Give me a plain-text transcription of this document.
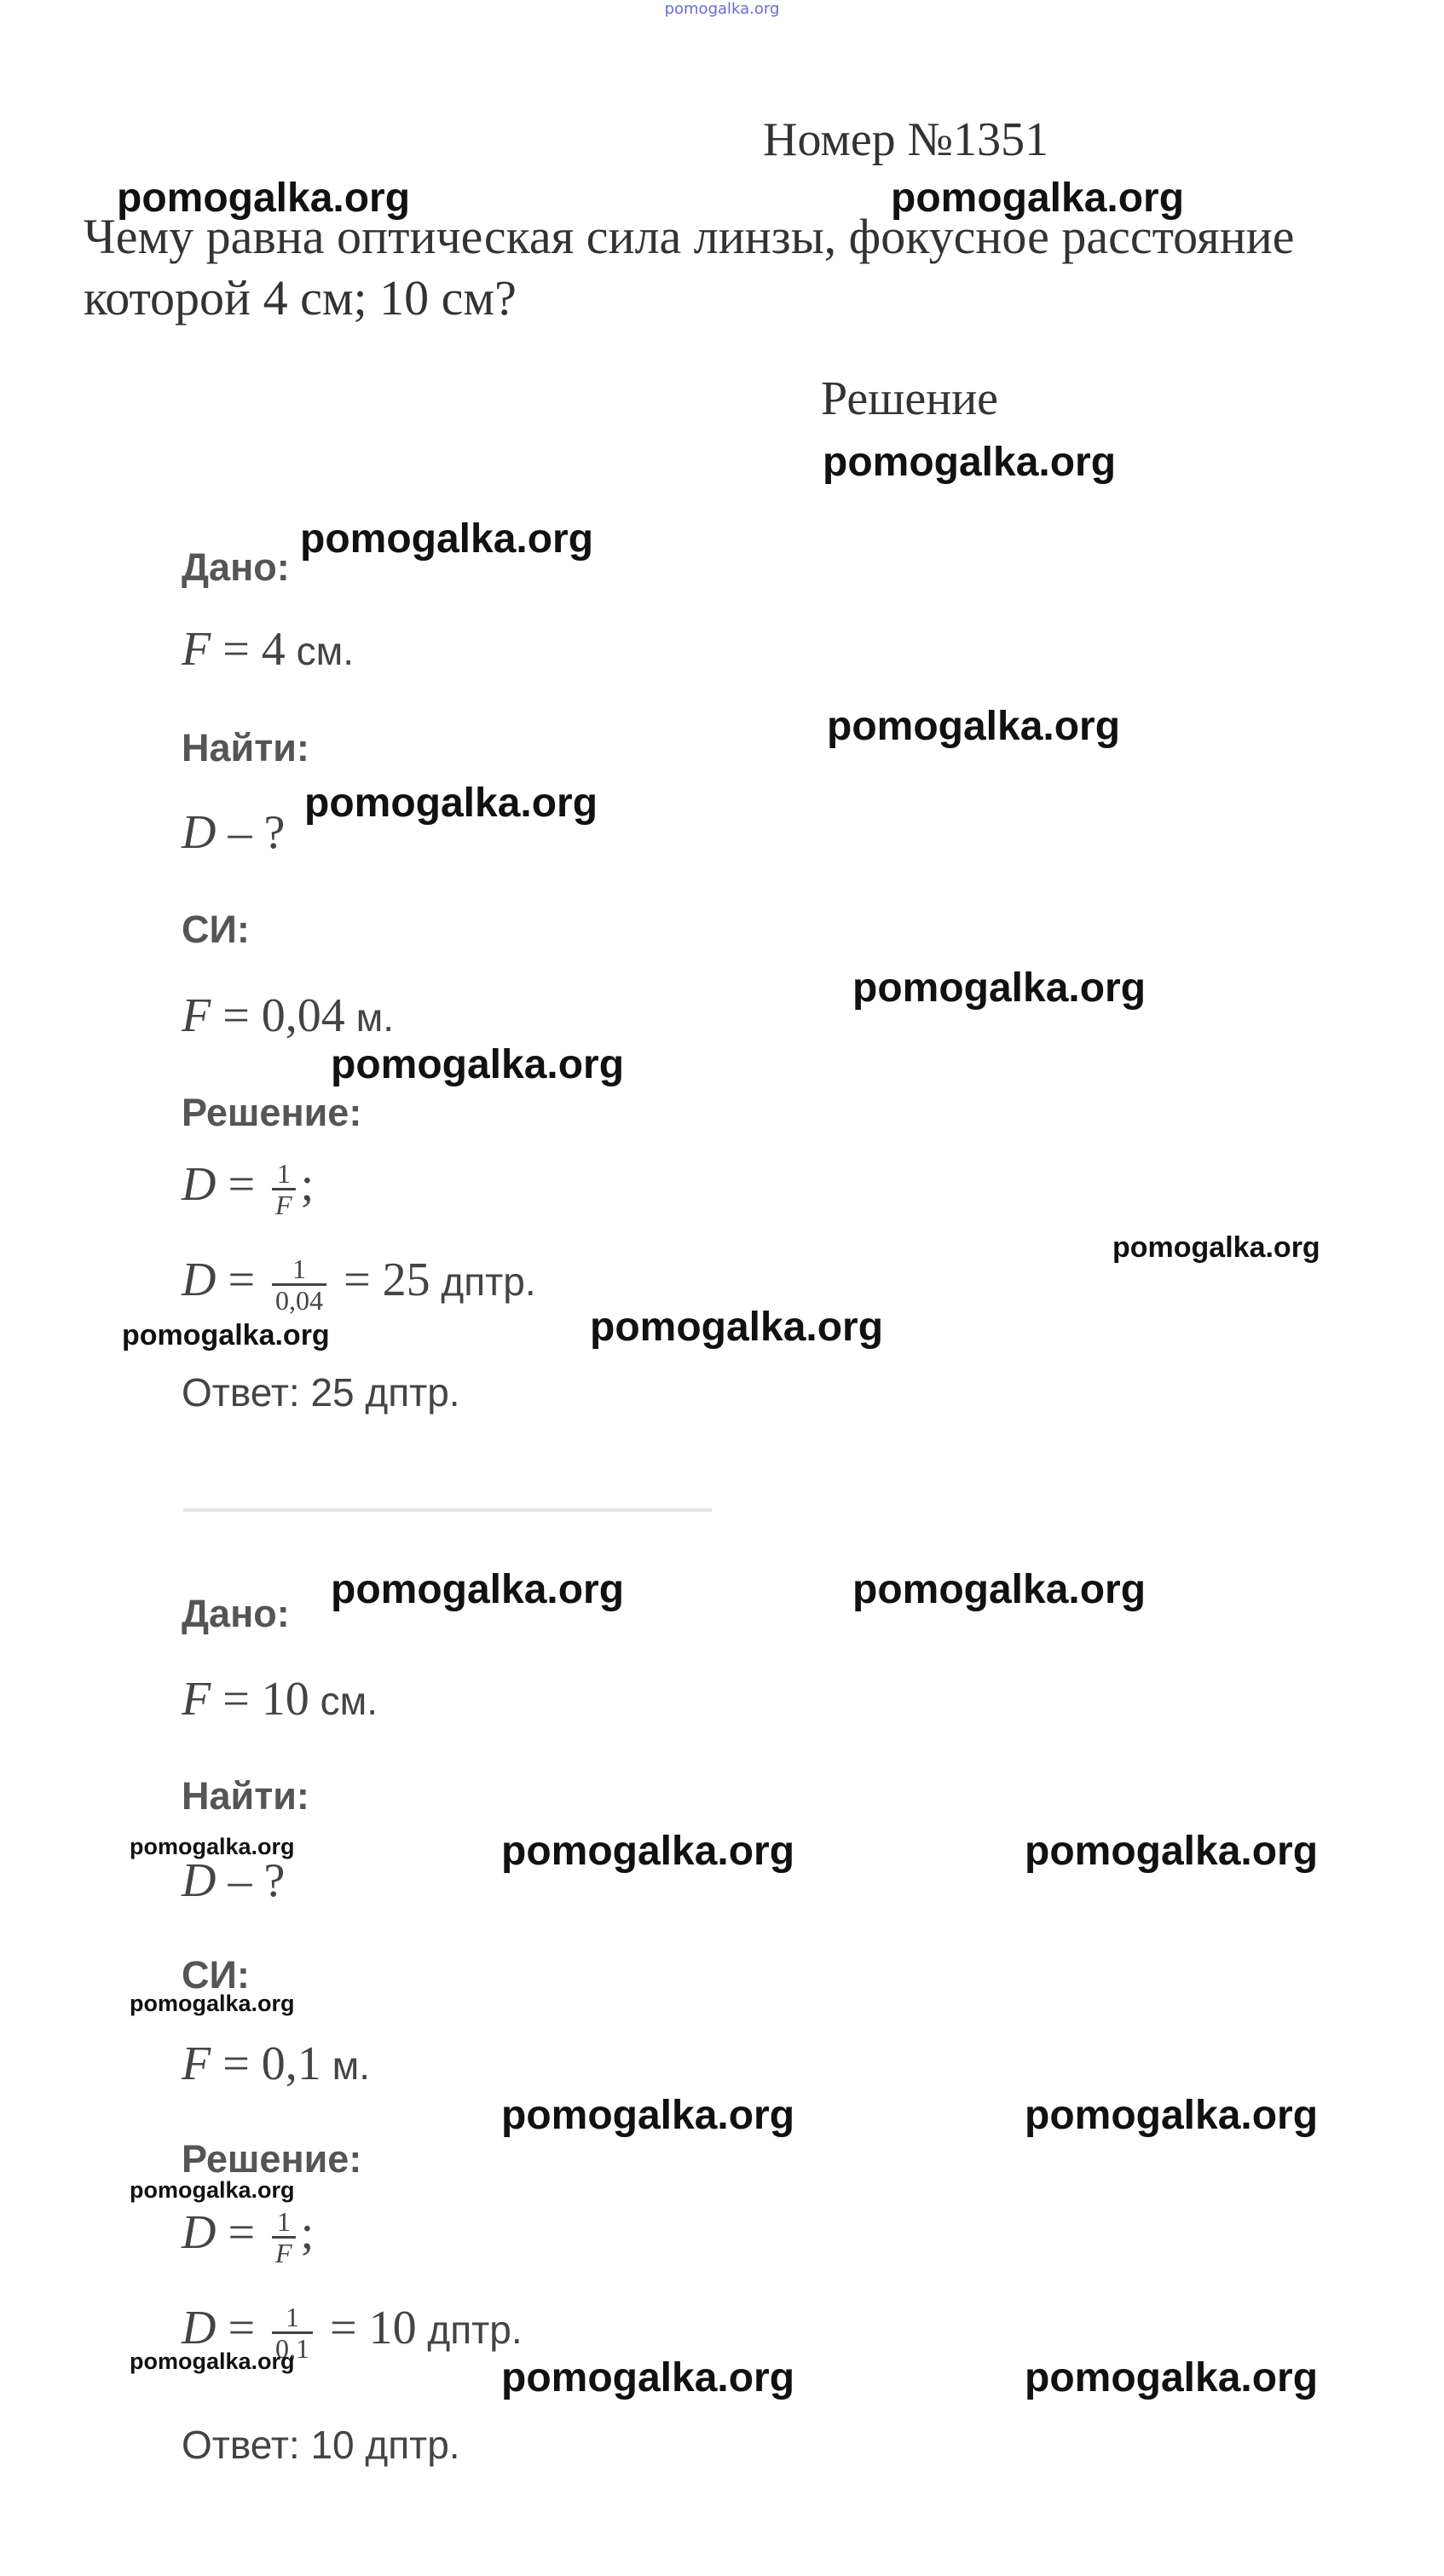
pomogalka.org
Номер №1351
Чему равна оптическая сила линзы, фокусное расстояние которой 4 см; 10 см?
Решение
Дано:
F = 4 см.
Найти:
D – ?
СИ:
F = 0,04 м.
Решение:
$D = \frac{1}{F}$ ;
$D = \frac{1}{0,04} = 25$ дптр.
Ответ: 25 дптр.
Дано:
F = 10 см.
Найти:
D – ?
СИ:
F = 0,1 м.
Решение:
$D = \frac{1}{F}$ ;
$D = \frac{1}{0,1} = 10$ дптр.
Ответ: 10 дптр.
pomogalka.org	pomogalka.org
pomogalka.org
pomogalka.org
pomogalka.org
pomogalka.org
pomogalka.org
pomogalka.org
pomogalka.org
pomogalka.org	pomogalka.org
pomogalka.org	pomogalka.org
pomogalka.org	pomogalka.org	pomogalka.org
pomogalka.org
pomogalka.org	pomogalka.org
pomogalka.org
pomogalka.org	pomogalka.org	pomogalka.org
